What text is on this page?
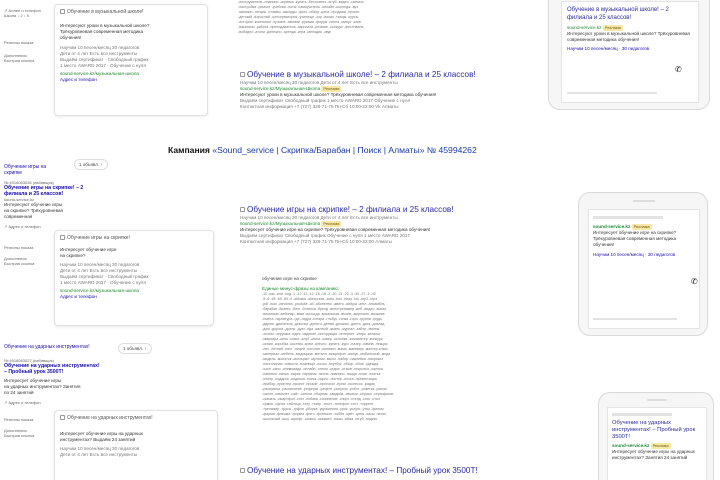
↗ Аллее и телефон
Школа ↓ 2 ↓ 0
Регионы показа
Дополнения
Быстрая ссылка
Обучение в музыкальной школе!
Интересуют уроки в музыкальной школе?
Трёхуровневая современная методика
обучения!
Научим 10 песен/месяц 30 педагогов
Дети от 4 лет Есть все инструменты
Выдаём сертификат · Свободный график
1 место AWARD 2017 · Обучение с нуля
sound-service.kz/музыкальная-школа
Адрес и телефон
-инструментов -пианино -скрипка -купить -бесплатно -ютуб -видео -скачать
-настройка -ремонт -учебник -ноты -самоучитель -онлайн -колледж -вуз
-магазин -гитары -отзывы -аккорды -фото -обзор -цена -продажа -прокат
-детский -взрослый -консерватория -училище -хор -вокал -танцы -курсы
-история -компания -лучшие -своими -руками -форум -песни -минус -клип
-вакансии -работа -преподаватель -зарплата -резюме -конкурс -фестиваль
-вобидео -атопи -денежно -аренда -игра -мелодия -звук
Обучение в музыкальной школе! – 2 филиала и 25 классов!
Научим 10 песен/месяц 30 педагогов Дети от 4 лет Есть все инструменты
sound-service.kz/Музыкальная-Школа Реклама
Интересуют уроки в музыкальной школе? Трёхуровневая современная методика обучения!
Выдаём сертификат Свободный график 1 место AWARD 2017 Обучение с нуля
Контактная информация +7 (727) 328-71-75 Пн-Сб 10:00-22:00 Vk Алматы
Обучение в музыкальной школе! – 2 филиала и 25 классов!
sound-service.kz Реклама
Интересуют уроки в музыкальной школе? Трёхуровневая современная методика обучения!
Научим 10 песен/месяц · 30 педагогов
✆
Кампания «Sound_service | Скрипка/Барабан | Поиск | Алматы» № 45994262
1 объявл. ↑
Обучение игры на
скрипке
№ 4916083026 (набивщик)
Обучение игры на скрипке! – 2 филиала и 25 классов!
sound-service.kz
Интересуют обучение игры
на скрипке? Трёхуровневая
современная
↗ Адрес и телефон
Регионы показа
Дополнения
Быстрая ссылка
Обучение игры на скрипке!
Интересует обучение игре
на скрипке?
Научим 10 песен/месяц 30 педагогов
Дети от 4 лет Есть все инструменты
Выдаём сертификат · Свободный график
1 место AWARD 2017 · Обучение с нуля
sound-service.kz/музыкальная-школа
Адрес и телефон
Обучение игры на скрипке! – 2 филиала и 25 классов!
Научим 10 песен/месяц 30 педагогов Дети от 4 лет Есть все инструменты
sound-service.kz/Музыкальная-Школа Реклама
Интересует обучение игре на скрипке? Трёхуровневая современная методика обучения!
Выдаём сертификат Свободный график Обучение с нуля 1 место AWARD 2017
Контактная информация +7 (727) 328-71-75 Пн-Сб 10:00-22:00 Алматы
обучение игре на скрипке
Единые минус-фразы на кампанию:
-10 -как -или -под -1 -12 -11 -12 -16 -18 -2 -20 -21 -22 -3 -30 -37 -4 -42
-5 -6 -65 -69 -80 -9 -alibaba -aliexpress -avito -bmi -ebay -ios -mp3 -mp4
-pdf -wav -windows -youtube -all -абоненты -авито -азбука -англ -ансамбль
-барабан -бизнес -блог -ботинки -бренд -велотренажер -веб -видео -вокал
-вакансия -вебинар -вики -вологда -вокальная -вызов -вырезать -вязание
-газета -гарнитура -гдз -гидра -гитара -глобус -гонки -горн -группа -грудь
-даром -двигатель -девочки -деньги -детям -дешево -диета -диск -доклад
-дом -дорога -дрель -дуэт -еда -желтый -жизнь -журнал -зайти -звонок
-золото -игрушка -идея -изделие -инструкция -интернет -инфо -каталог
-квартира -кино -класс -клуб -книга -ковер -колонка -компьютер -конкурс
-копия -коробка -костюм -крем -кресло -купить -курс -лазер -лампа -лекция
-лес -летний -лист -лицей -логотип -магазин -мама -маникюр -мастер-класс
-материал -мебель -медицина -металл -микрофон -минус -мобильный -мода
-модель -молоток -мотоцикл -мультик -мыло -набор -наклейки -напрокат
-настольная -новости -ножницы -носки -ноутбук -обзор -обои -одежда
-озон -окно -олимпиада -онлайн -оптом -отдых -отзыв -открытка -оценка
-памятка -папка -парик -парфюм -песня -пианино -пицца -план -платье
-плеер -подарок -поделка -поиск -порно -постер -почта -презентация
-прибор -принтер -проект -прокат -протокол -пульт -пылесос -радио
-раскраска -расписание -реферат -рецепт -рисунок -робот -розетка -рынок
-салон -самолет -сайт -сапоги -сборник -свадьба -своими -сериал -сертификат
-скачать -смартфон -снег -собака -сочинение -спорт -стенд -стих -стол
-сумка -сцена -таблица -тату -театр -текст -телефон -тест -торрент
-тренажер -трусы -туфли -уборка -украшения -урок -услуги -утюг -фильм
-фирма -флешка -форма -фото -фотошоп -хобби -цвет -цена -часы -чехол
-школьный -шоу -шрифт -штаны -экзамен -эскиз -юбка -ютуб -яндекс
sound-service.kz Реклама
Интересует обучение игре на скрипке? Трёхуровневая современная методика обучения!
Научим 10 песен/месяц · 30 педагогов
✆
1 объявл. ↑
Обучение на ударных инструментах!
№ 4916083027 (набивщик)
Обучение на ударных инструментах! – Пробный урок 3500Т!
Интересует обучение игры
на ударных инструментах? Занятия
по 24 занятий
↗ Адрес и телефон
Регионы показа
Дополнения
Быстрая ссылка
Обучение на ударных инструментах!
Интересует обучение игры на ударных
инструментах? Выдаём 24 занятий
Научим 10 песен/месяц 30 педагогов
Дети от 4 лет Есть все инструменты
Обучение на ударных инструментах! – Пробный урок 3500Т!
Обучение на ударных инструментах! – Пробный урок 3500Т!
sound-service.kz Реклама
Интересует обучение игры на ударных инструментах? Занятия 24 занятий
